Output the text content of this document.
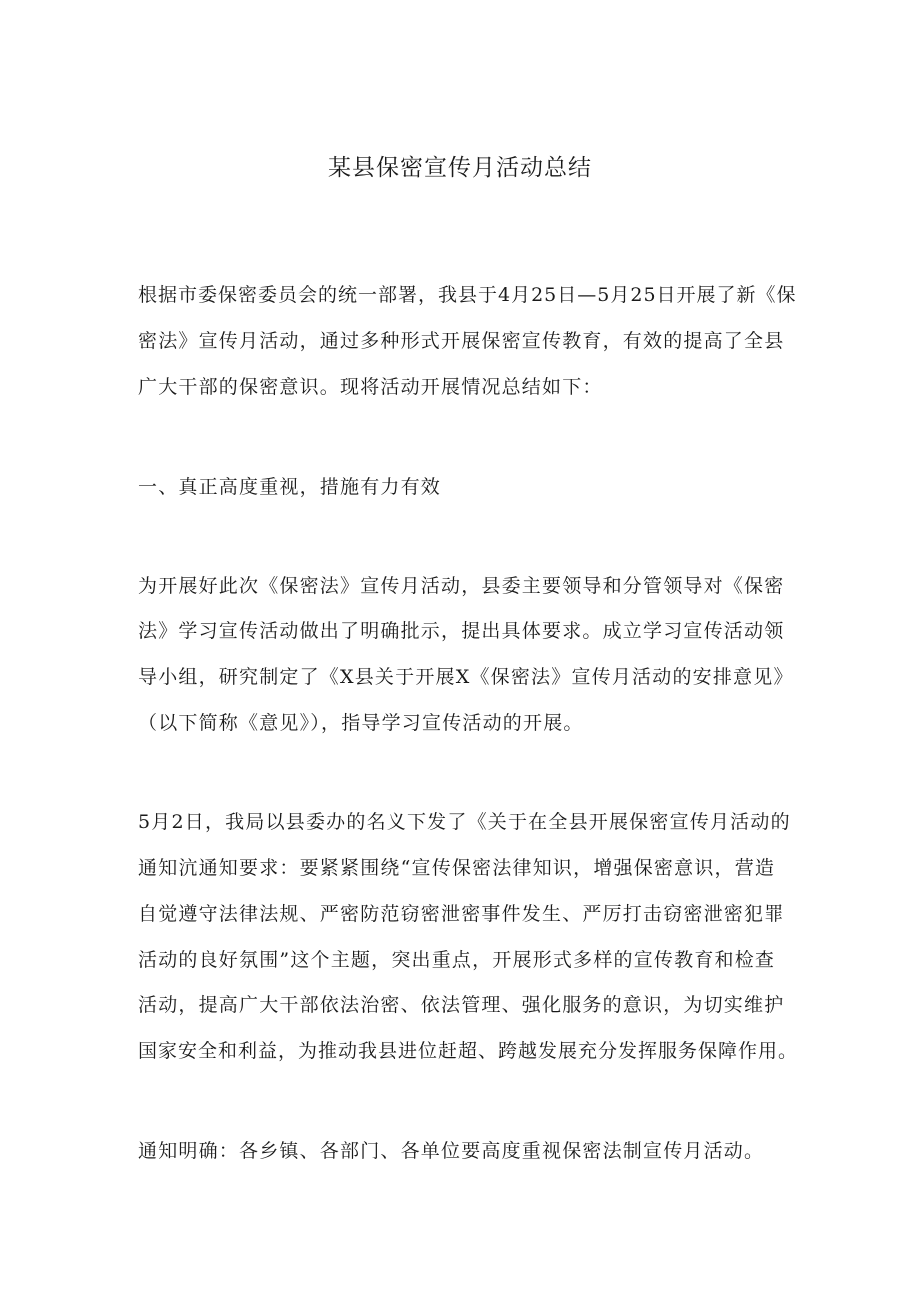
某县保密宣传月活动总结

根据市委保密委员会的统一部署，我县于4月25日—5月25日开展了新《保

密法》宣传月活动，通过多种形式开展保密宣传教育，有效的提高了全县

广大干部的保密意识。现将活动开展情况总结如下：

一、真正高度重视，措施有力有效

为开展好此次《保密法》宣传月活动，县委主要领导和分管领导对《保密

法》学习宣传活动做出了明确批示，提出具体要求。成立学习宣传活动领

导小组，研究制定了《X县关于开展X《保密法》宣传月活动的安排意见》

（以下简称《意见》），指导学习宣传活动的开展。

5月2日，我局以县委办的名义下发了《关于在全县开展保密宣传月活动的

通知沆通知要求：要紧紧围绕“宣传保密法律知识，增强保密意识，营造

自觉遵守法律法规、严密防范窃密泄密事件发生、严厉打击窃密泄密犯罪

活动的良好氛围”这个主题，突出重点，开展形式多样的宣传教育和检查

活动，提高广大干部依法治密、依法管理、强化服务的意识，为切实维护

国家安全和利益，为推动我县进位赶超、跨越发展充分发挥服务保障作用。

通知明确：各乡镇、各部门、各单位要高度重视保密法制宣传月活动。
